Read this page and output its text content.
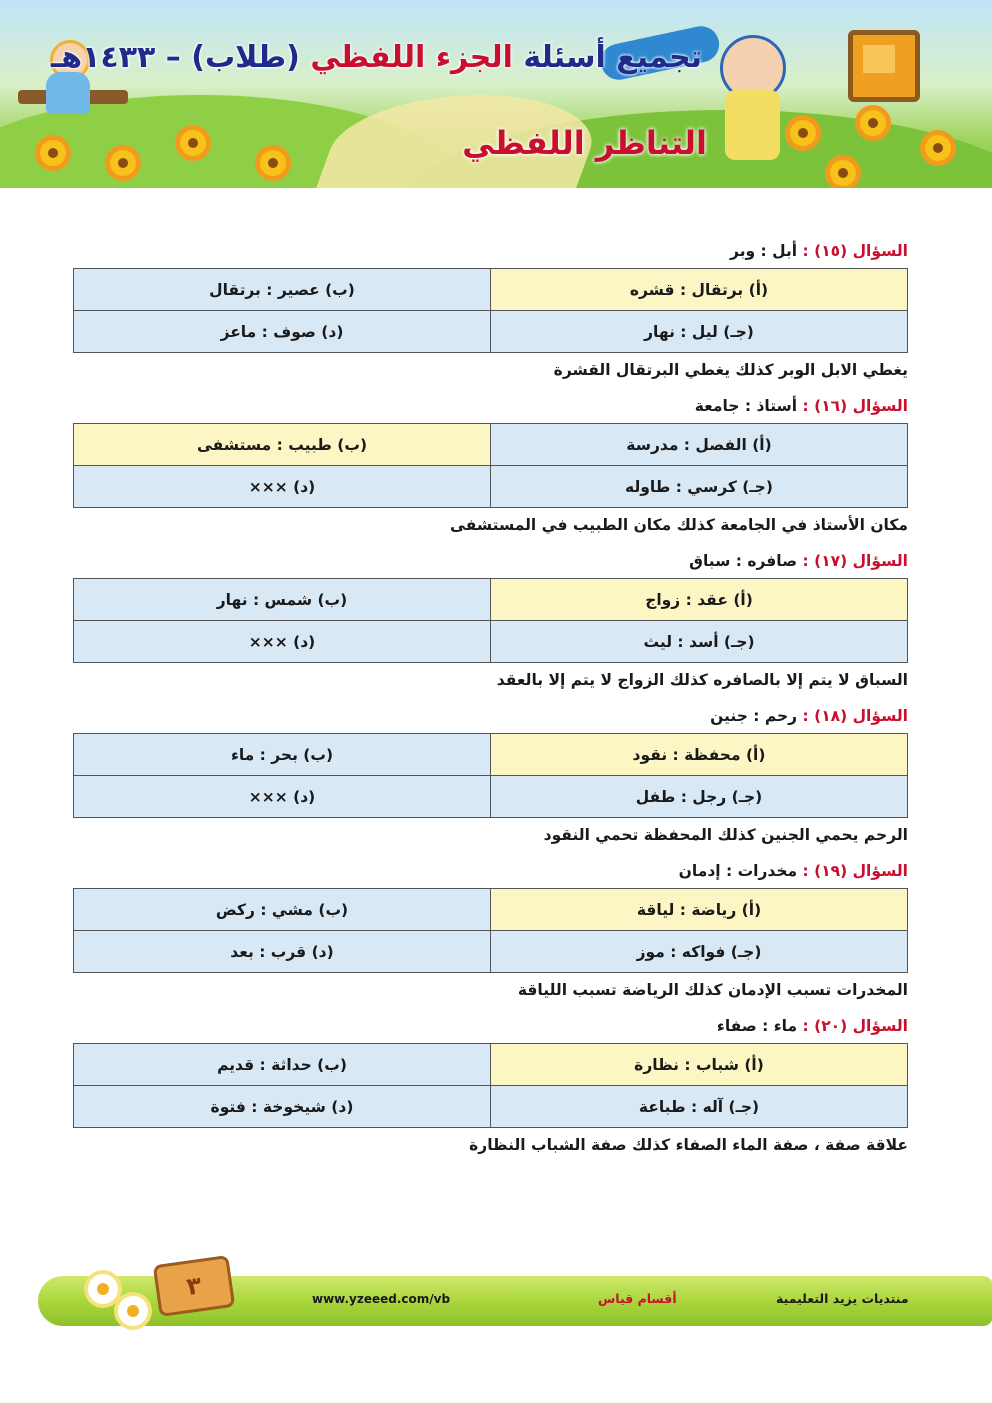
تجميع أسئلة الجزء اللفظي (طلاب) – ١٤٣٣هـ
التناظر اللفظي
السؤال (١٥) : أبل : وبر
(أ) برتقال : قشره	(ب) عصير : برتقال
(جـ) ليل : نهار	(د) صوف : ماعز
يغطي الابل الوبر كذلك يغطي البرتقال القشرة
السؤال (١٦) : أستاذ : جامعة
(أ) الفصل : مدرسة	(ب) طبيب : مستشفى
(جـ) كرسي : طاوله	(د) ×××
مكان الأستاذ في الجامعة كذلك مكان الطبيب في المستشفى
السؤال (١٧) : صافره : سباق
(أ) عقد : زواج	(ب) شمس : نهار
(جـ) أسد : ليث	(د) ×××
السباق لا يتم إلا بالصافره كذلك الزواج لا يتم إلا بالعقد
السؤال (١٨) : رحم : جنين
(أ) محفظة : نقود	(ب) بحر : ماء
(جـ) رجل : طفل	(د) ×××
الرحم يحمي الجنين كذلك المحفظة تحمي النقود
السؤال (١٩) : مخدرات : إدمان
(أ) رياضة : لياقة	(ب) مشي : ركض
(جـ) فواكه : موز	(د) قرب : بعد
المخدرات تسبب الإدمان كذلك الرياضة تسبب اللياقة
السؤال (٢٠) : ماء : صفاء
(أ) شباب : نظارة	(ب) حداثة : قديم
(جـ) آله : طباعة	(د) شيخوخة : فتوة
علاقة صفة ، صفة الماء الصفاء كذلك صفة الشباب النظارة
٣	www.yzeeed.com/vb	أقسام قياس	منتديات يزيد التعليمية
